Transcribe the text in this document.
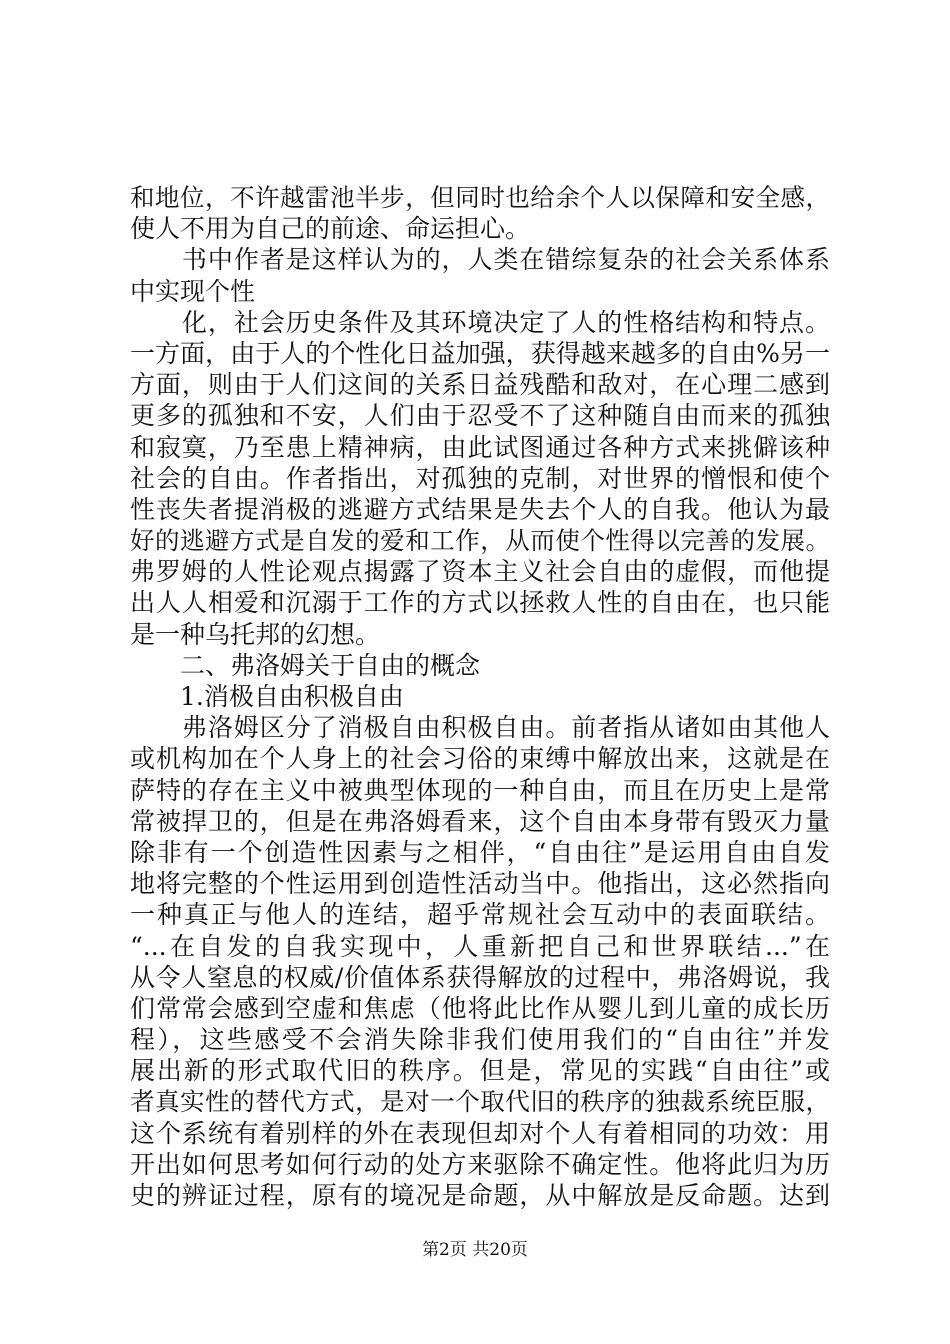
和地位，不许越雷池半步，但同时也给余个人以保障和安全感，
使人不用为自己的前途、命运担心。
　　书中作者是这样认为的，人类在错综复杂的社会关系体系
中实现个性
　　化，社会历史条件及其环境决定了人的性格结构和特点。
一方面，由于人的个性化日益加强，获得越来越多的自由%另一
方面，则由于人们这间的关系日益残酷和敌对，在心理二感到
更多的孤独和不安，人们由于忍受不了这种随自由而来的孤独
和寂寞，乃至患上精神病，由此试图通过各种方式来挑僻该种
社会的自由。作者指出，对孤独的克制，对世界的憎恨和使个
性丧失者提消极的逃避方式结果是失去个人的自我。他认为最
好的逃避方式是自发的爱和工作，从而使个性得以完善的发展。
弗罗姆的人性论观点揭露了资本主义社会自由的虚假，而他提
出人人相爱和沉溺于工作的方式以拯救人性的自由在，也只能
是一种乌托邦的幻想。
　　二、弗洛姆关于自由的概念
　　1.消极自由积极自由
　　弗洛姆区分了消极自由积极自由。前者指从诸如由其他人
或机构加在个人身上的社会习俗的束缚中解放出来，这就是在
萨特的存在主义中被典型体现的一种自由，而且在历史上是常
常被捍卫的，但是在弗洛姆看来，这个自由本身带有毁灭力量
除非有一个创造性因素与之相伴，“自由往”是运用自由自发
地将完整的个性运用到创造性活动当中。他指出，这必然指向
一种真正与他人的连结，超乎常规社会互动中的表面联结。
“...在自发的自我实现中，人重新把自己和世界联结...”在
从令人窒息的权威/价值体系获得解放的过程中，弗洛姆说，我
们常常会感到空虚和焦虑（他将此比作从婴儿到儿童的成长历
程），这些感受不会消失除非我们使用我们的“自由往”并发
展出新的形式取代旧的秩序。但是，常见的实践“自由往”或
者真实性的替代方式，是对一个取代旧的秩序的独裁系统臣服，
这个系统有着别样的外在表现但却对个人有着相同的功效：用
开出如何思考如何行动的处方来驱除不确定性。他将此归为历
史的辨证过程，原有的境况是命题，从中解放是反命题。达到
第2页 共20页
